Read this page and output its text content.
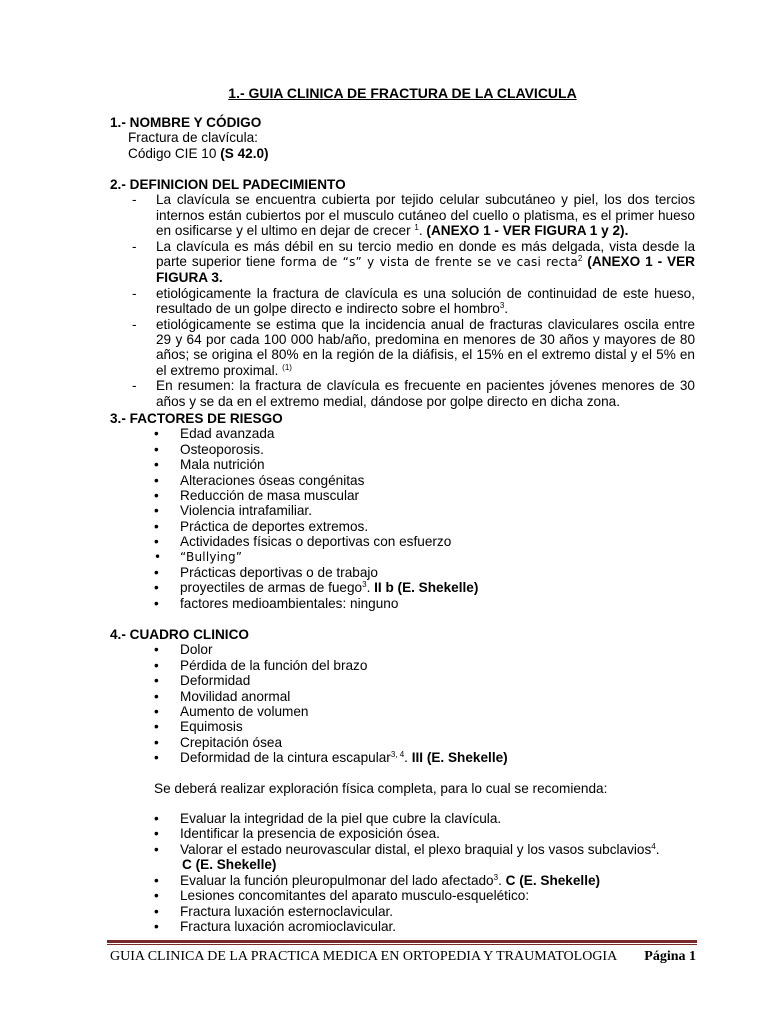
1.- GUIA CLINICA DE FRACTURA DE LA CLAVICULA

1.- NOMBRE Y CÓDIGO

Fractura de clavícula:

Código CIE 10 (S 42.0)

2.- DEFINICION DEL PADECIMIENTO

- La clavícula se encuentra cubierta por tejido celular subcutáneo y piel, los dos tercios internos están cubiertos por el musculo cutáneo del cuello o platisma, es el primer hueso en osificarse y el ultimo en dejar de crecer $^1$. (ANEXO 1 - VER FIGURA 1 y 2).
- La clavícula es más débil en su tercio medio en donde es más delgada, vista desde la parte superior tiene forma de “s” y vista de frente se ve casi recta$^2$ (ANEXO 1 - VER FIGURA 3.
- etiológicamente la fractura de clavícula es una solución de continuidad de este hueso, resultado de un golpe directo e indirecto sobre el hombro$^3$.
- etiológicamente se estima que la incidencia anual de fracturas claviculares oscila entre 29 y 64 por cada 100 000 hab/año, predomina en menores de 30 años y mayores de 80 años; se origina el 80% en la región de la diáfisis, el 15% en el extremo distal y el 5% en el extremo proximal. $^{(1)}$
- En resumen: la fractura de clavícula es frecuente en pacientes jóvenes menores de 30 años y se da en el extremo medial, dándose por golpe directo en dicha zona.

3.- FACTORES DE RIESGO

• Edad avanzada
• Osteoporosis.
• Mala nutrición
• Alteraciones óseas congénitas
• Reducción de masa muscular
• Violencia intrafamiliar.
• Práctica de deportes extremos.
• Actividades físicas o deportivas con esfuerzo
• “Bullying”
• Prácticas deportivas o de trabajo
• proyectiles de armas de fuego$^3$. II b (E. Shekelle)
• factores medioambientales: ninguno

4.- CUADRO CLINICO

• Dolor
• Pérdida de la función del brazo
• Deformidad
• Movilidad anormal
• Aumento de volumen
• Equimosis
• Crepitación ósea
• Deformidad de la cintura escapular$^{3, 4}$. III (E. Shekelle)

Se deberá realizar exploración física completa, para lo cual se recomienda:

• Evaluar la integridad de la piel que cubre la clavícula.
• Identificar la presencia de exposición ósea.
• Valorar el estado neurovascular distal, el plexo braquial y los vasos subclavios$^4$.
C (E. Shekelle)
• Evaluar la función pleuropulmonar del lado afectado$^3$. C (E. Shekelle)
• Lesiones concomitantes del aparato musculo-esquelético:
• Fractura luxación esternoclavicular.
• Fractura luxación acromioclavicular.
GUIA CLINICA DE LA PRACTICA MEDICA EN ORTOPEDIA Y TRAUMATOLOGIA Página 1
